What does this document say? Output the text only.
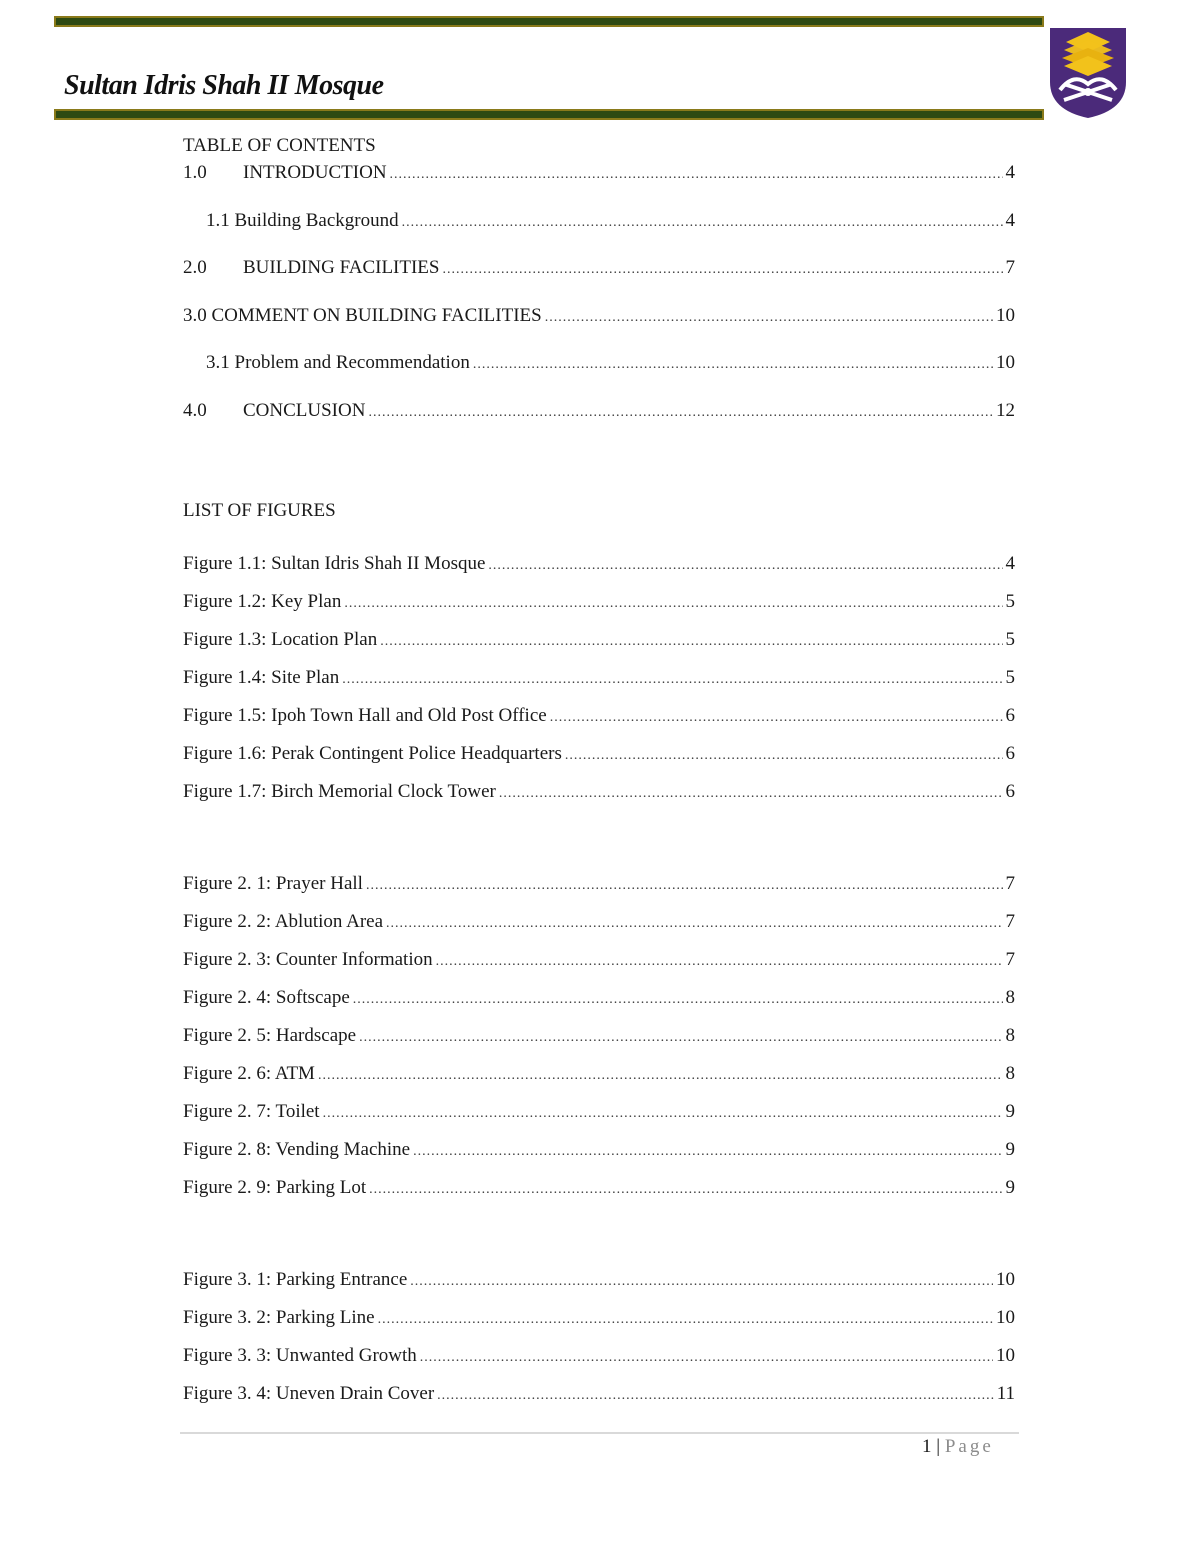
Sultan Idris Shah II Mosque
TABLE OF CONTENTS
1.0 INTRODUCTION .....	4
1.1 Building Background .....	4
2.0 BUILDING FACILITIES .....	7
3.0 COMMENT ON BUILDING FACILITIES .....	10
3.1 Problem and Recommendation .....	10
4.0 CONCLUSION .....	12
LIST OF FIGURES
Figure 1.1: Sultan Idris Shah II Mosque .....	4
Figure 1.2: Key Plan .....	5
Figure 1.3: Location Plan .....	5
Figure 1.4: Site Plan .....	5
Figure 1.5: Ipoh Town Hall and Old Post Office .....	6
Figure 1.6: Perak Contingent Police Headquarters .....	6
Figure 1.7: Birch Memorial Clock Tower .....	6
Figure 2. 1: Prayer Hall .....	7
Figure 2. 2: Ablution Area .....	7
Figure 2. 3: Counter Information .....	7
Figure 2. 4: Softscape .....	8
Figure 2. 5: Hardscape .....	8
Figure 2. 6: ATM .....	8
Figure 2. 7: Toilet .....	9
Figure 2. 8: Vending Machine .....	9
Figure 2. 9: Parking Lot .....	9
Figure 3. 1: Parking Entrance .....	10
Figure 3. 2: Parking Line .....	10
Figure 3. 3: Unwanted Growth .....	10
Figure 3. 4: Uneven Drain Cover .....	11
1 | Page
